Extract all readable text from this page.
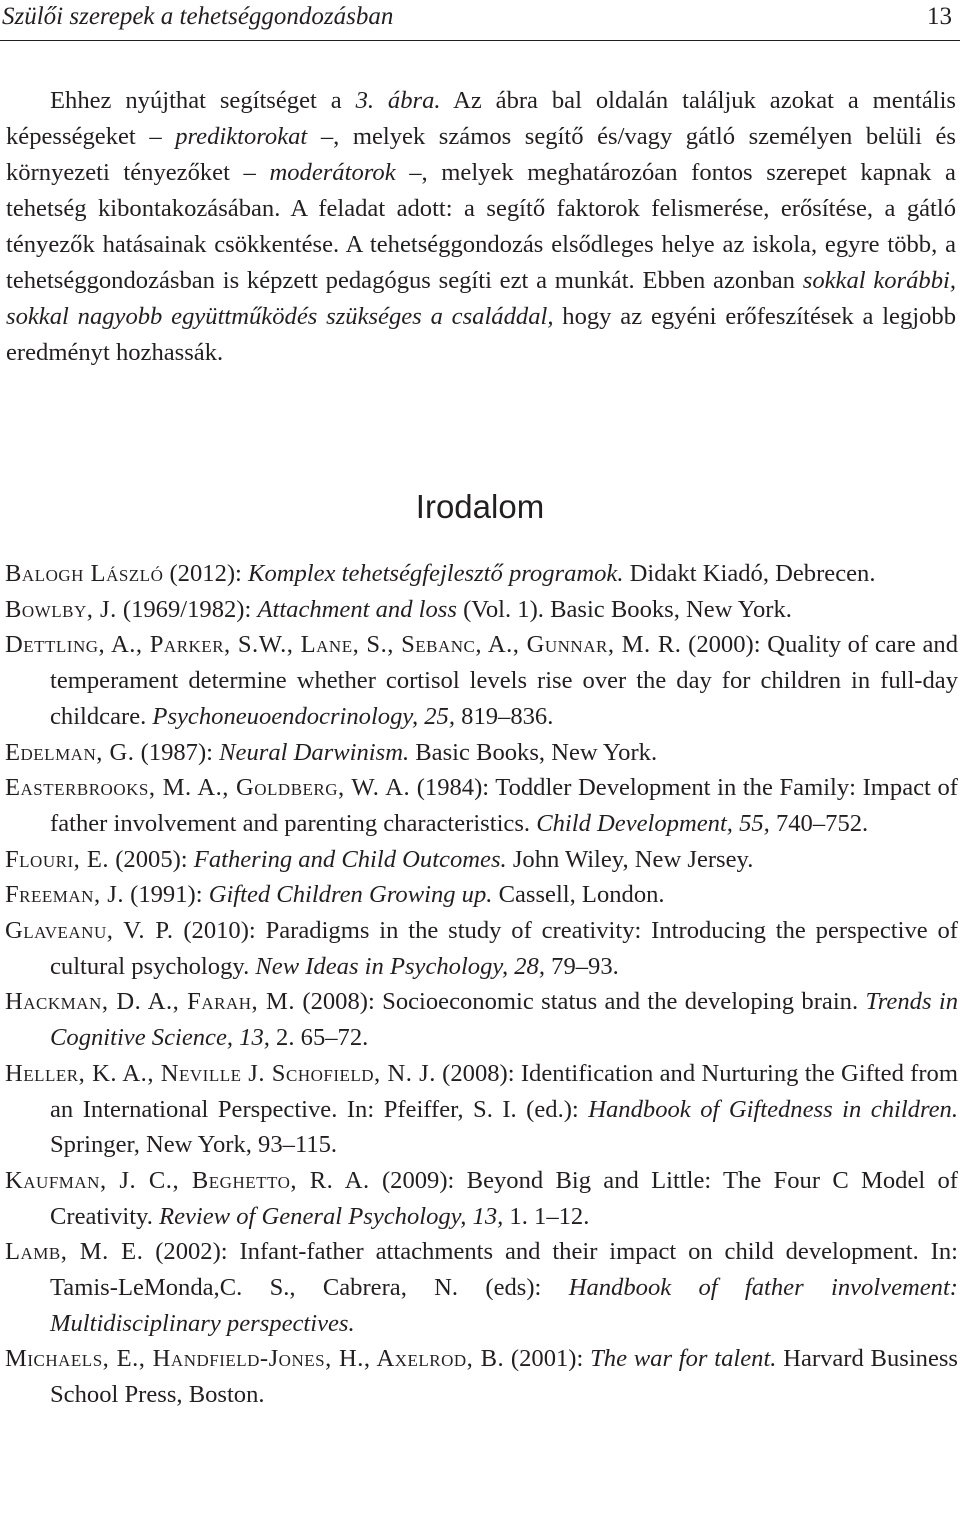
Szülői szerepek a tehetséggondozásban	13

Ehhez nyújthat segítséget a 3. ábra. Az ábra bal oldalán találjuk azokat a mentális képességeket – prediktorokat –, melyek számos segítő és/vagy gátló személyen belüli és környezeti tényezőket – moderátorok –, melyek meghatározóan fontos szerepet kapnak a tehetség kibontakozásában. A feladat adott: a segítő faktorok felismerése, erősítése, a gátló tényezők hatásainak csökkentése. A tehetséggondozás elsődleges helye az iskola, egyre több, a tehetséggondozásban is képzett pedagógus segíti ezt a munkát. Ebben azonban sokkal korábbi, sokkal nagyobb együttműködés szükséges a családdal, hogy az egyéni erőfeszítések a legjobb eredményt hozhassák.

Irodalom
Balogh László (2012): Komplex tehetségfejlesztő programok. Didakt Kiadó, Debrecen.
Bowlby, J. (1969/1982): Attachment and loss (Vol. 1). Basic Books, New York.
Dettling, A., Parker, S.W., Lane, S., Sebanc, A., Gunnar, M. R. (2000): Quality of care and temperament determine whether cortisol levels rise over the day for children in full-day childcare. Psychoneuoendocrinology, 25, 819–836.
Edelman, G. (1987): Neural Darwinism. Basic Books, New York.
Easterbrooks, M. A., Goldberg, W. A. (1984): Toddler Development in the Family: Impact of father involvement and parenting characteristics. Child Development, 55, 740–752.
Flouri, E. (2005): Fathering and Child Outcomes. John Wiley, New Jersey.
Freeman, J. (1991): Gifted Children Growing up. Cassell, London.
Glaveanu, V. P. (2010): Paradigms in the study of creativity: Introducing the perspective of cultural psychology. New Ideas in Psychology, 28, 79–93.
Hackman, D. A., Farah, M. (2008): Socioeconomic status and the developing brain. Trends in Cognitive Science, 13, 2. 65–72.
Heller, K. A., Neville J. Schofield, N. J. (2008): Identification and Nurturing the Gifted from an International Perspective. In: Pfeiffer, S. I. (ed.): Handbook of Giftedness in children. Springer, New York, 93–115.
Kaufman, J. C., Beghetto, R. A. (2009): Beyond Big and Little: The Four C Model of Creativity. Review of General Psychology, 13, 1. 1–12.
Lamb, M. E. (2002): Infant-father attachments and their impact on child development. In: Tamis-LeMonda,C. S., Cabrera, N. (eds): Handbook of father involvement: Multidisciplinary perspectives.
Michaels, E., Handfield-Jones, H., Axelrod, B. (2001): The war for talent. Harvard Business School Press, Boston.
